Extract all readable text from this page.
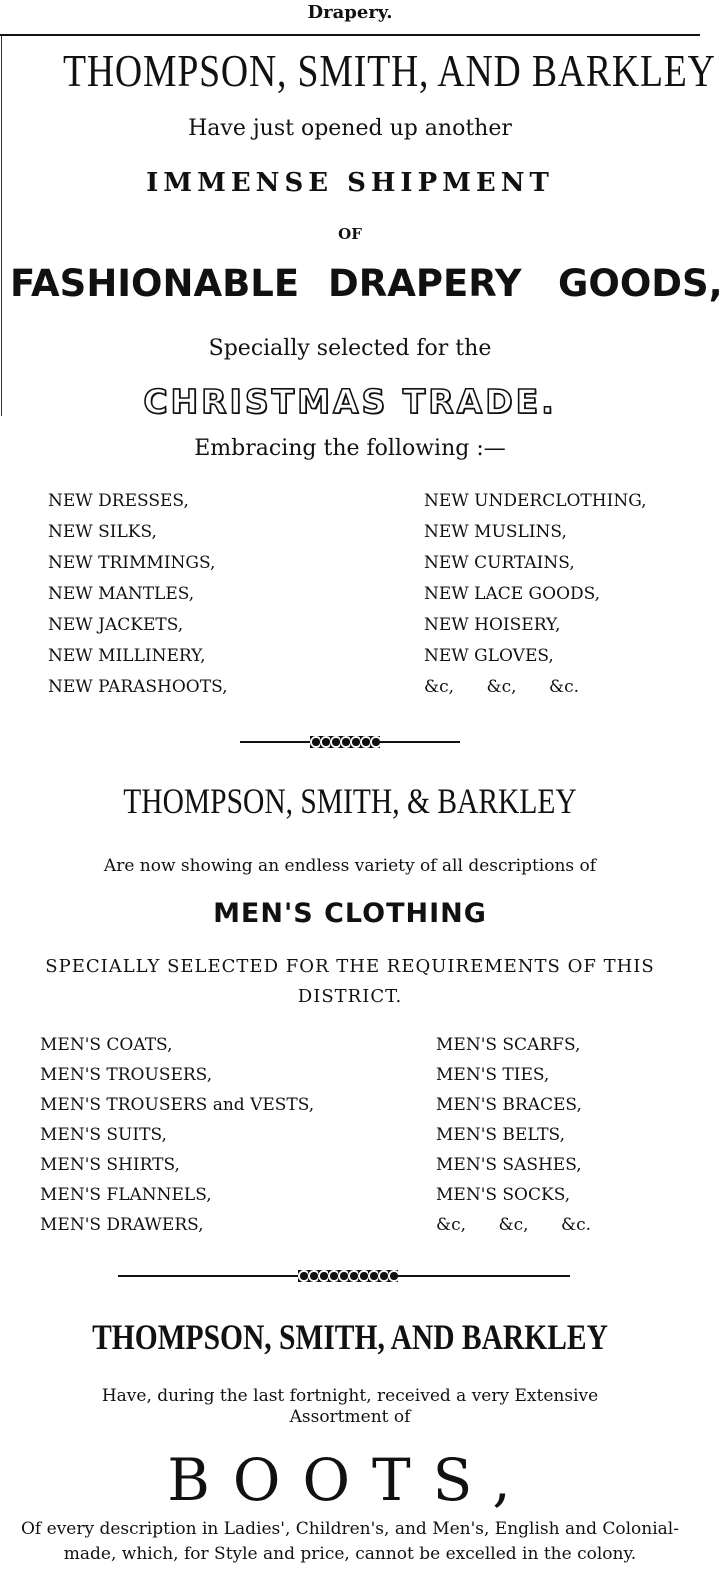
Drapery.
THOMPSON, SMITH, AND BARKLEY
Have just opened up another
IMMENSE SHIPMENT
OF
FASHIONABLE DRAPERY GOODS,
Specially selected for the
CHRISTMAS TRADE.
Embracing the following :—
NEW DRESSES,
NEW SILKS,
NEW TRIMMINGS,
NEW MANTLES,
NEW JACKETS,
NEW MILLINERY,
NEW PARASHOOTS,
NEW UNDERCLOTHING,
NEW MUSLINS,
NEW CURTAINS,
NEW LACE GOODS,
NEW HOISERY,
NEW GLOVES,
&c,      &c,      &c.
THOMPSON, SMITH, & BARKLEY
Are now showing an endless variety of all descriptions of
MEN'S CLOTHING
SPECIALLY SELECTED FOR THE REQUIREMENTS OF THIS
DISTRICT.
MEN'S COATS,
MEN'S TROUSERS,
MEN'S TROUSERS and VESTS,
MEN'S SUITS,
MEN'S SHIRTS,
MEN'S FLANNELS,
MEN'S DRAWERS,
MEN'S SCARFS,
MEN'S TIES,
MEN'S BRACES,
MEN'S BELTS,
MEN'S SASHES,
MEN'S SOCKS,
&c,      &c,      &c.
THOMPSON, SMITH, AND BARKLEY
Have, during the last fortnight, received a very Extensive
Assortment of
BOOTS,
Of every description in Ladies', Children's, and Men's, English and Colonial-
made, which, for Style and price, cannot be excelled in the colony.
